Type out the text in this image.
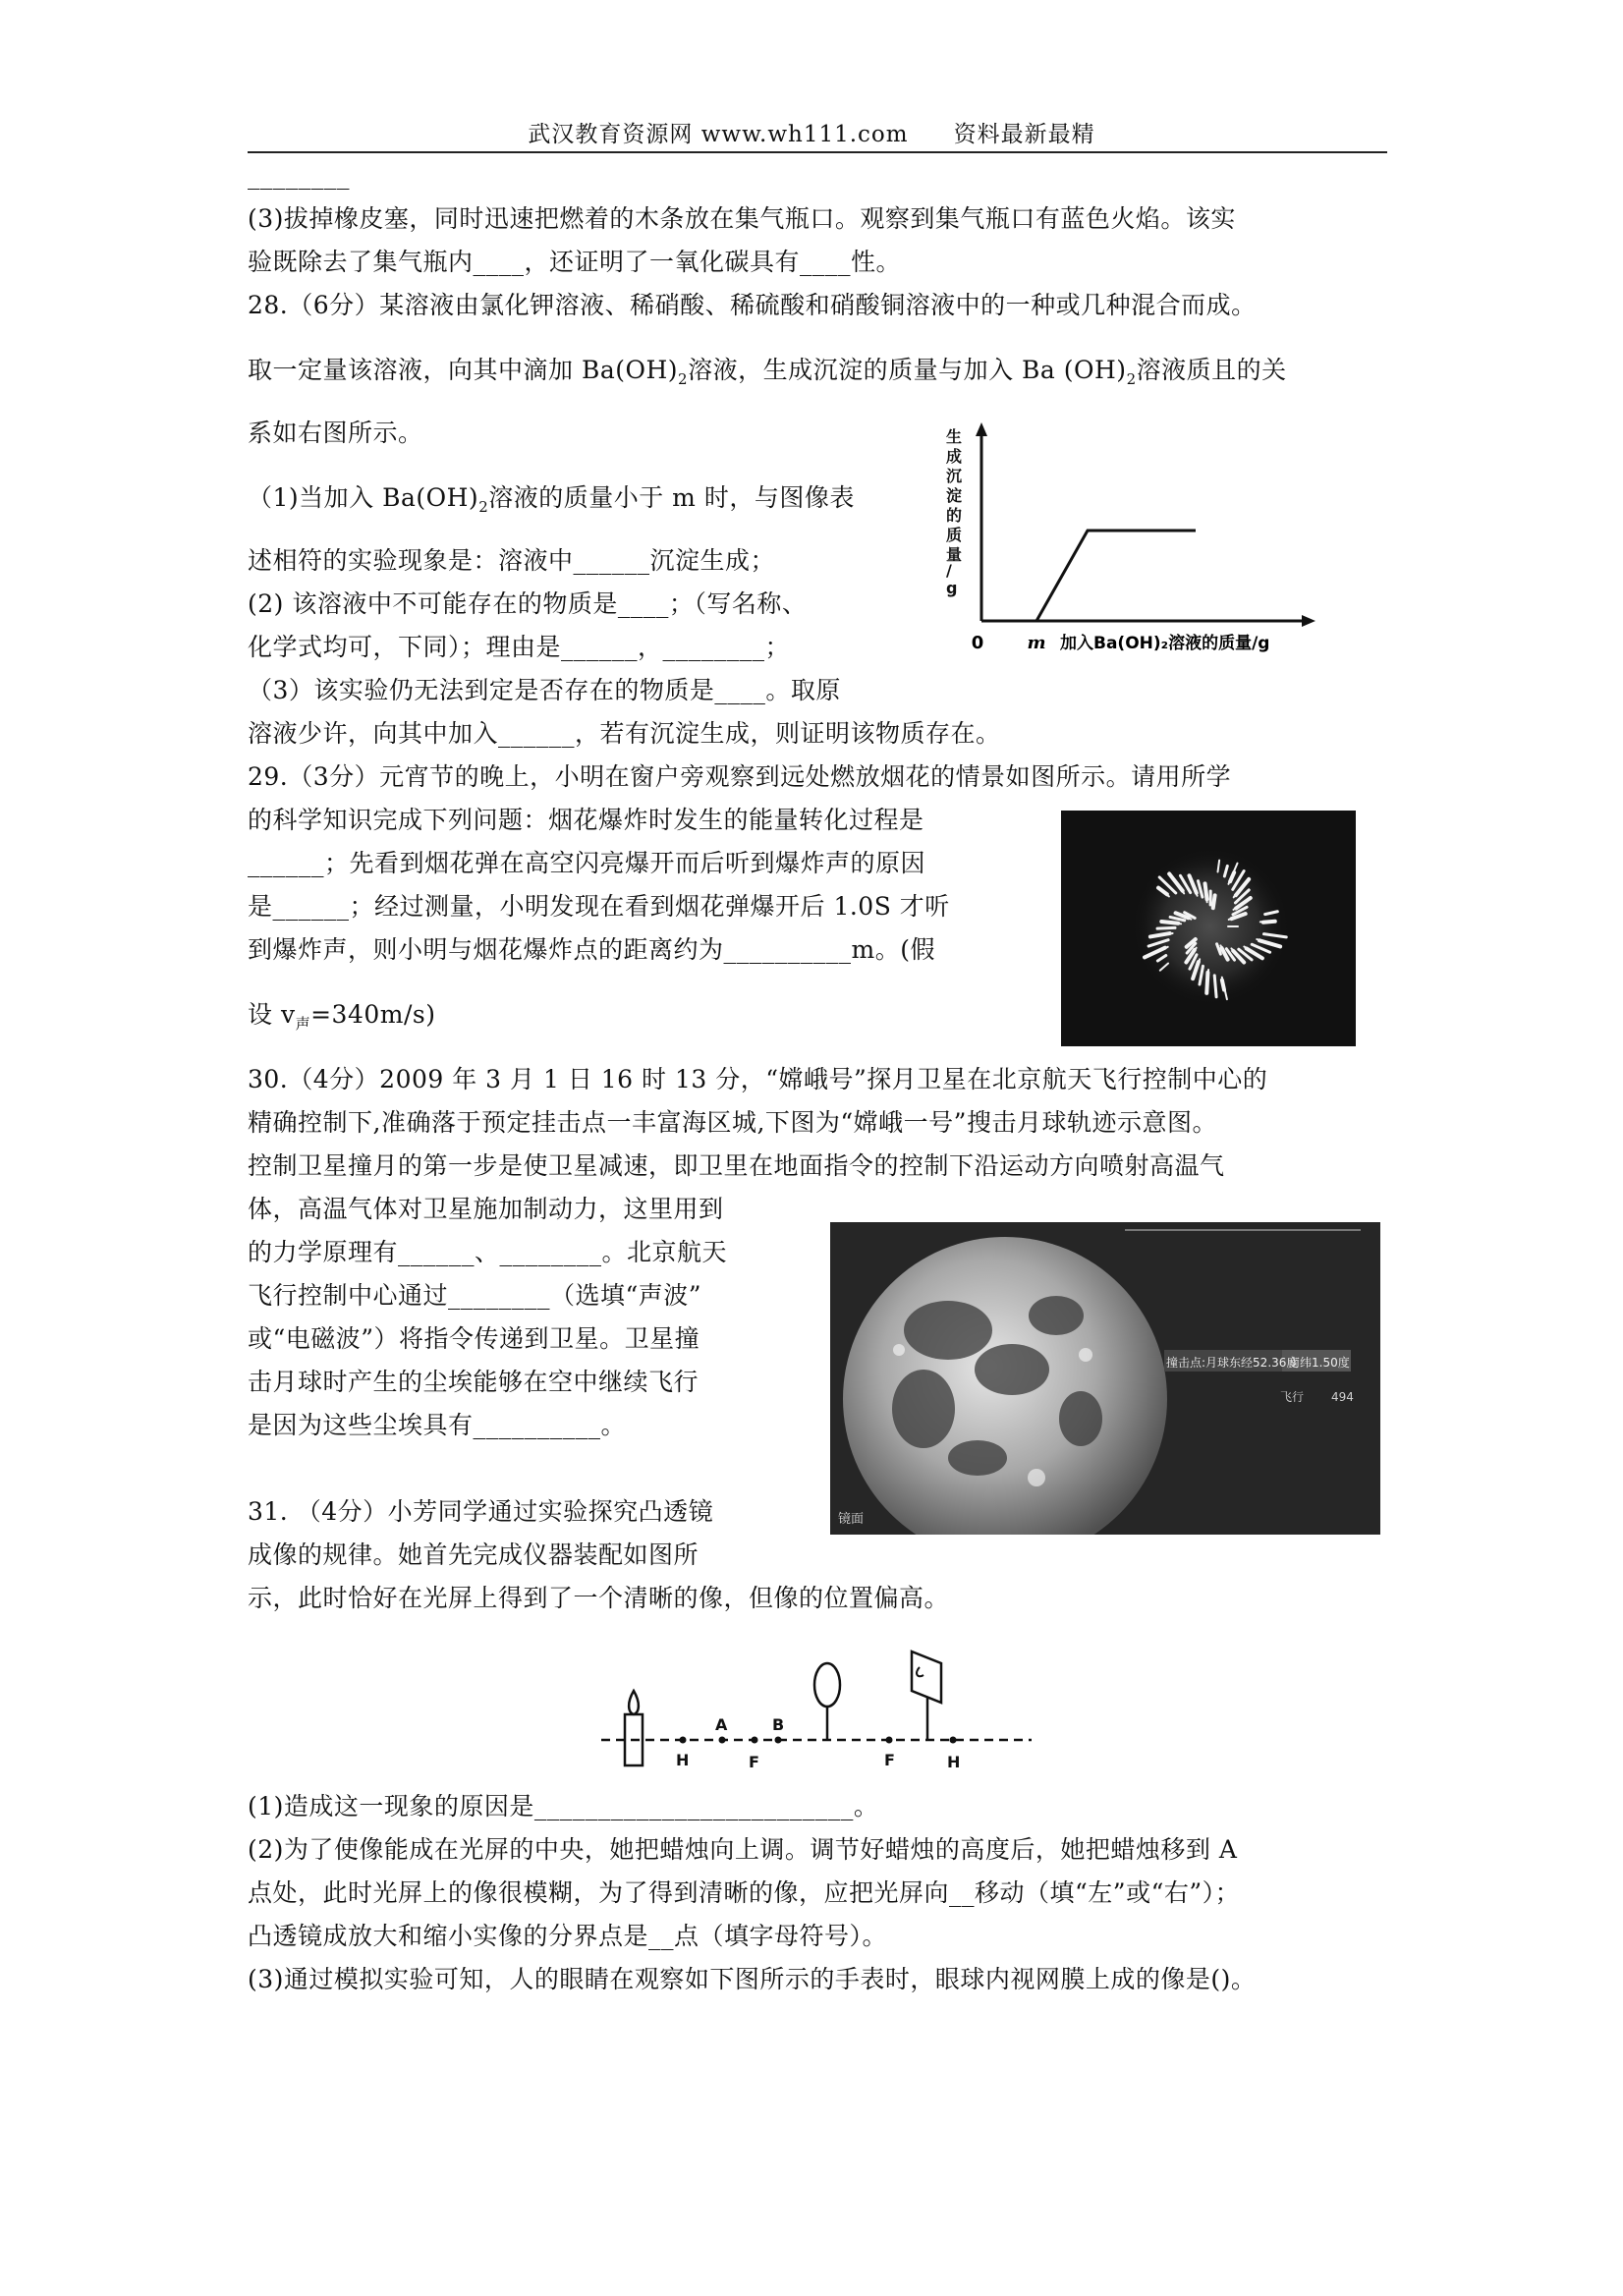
武汉教育资源网 www.wh111.com 资料最新最精
________
(3)拔掉橡皮塞，同时迅速把燃着的木条放在集气瓶口。观察到集气瓶口有蓝色火焰。该实
验既除去了集气瓶内____，还证明了一氧化碳具有____性。
28.（6分）某溶液由氯化钾溶液、稀硝酸、稀硫酸和硝酸铜溶液中的一种或几种混合而成。
取一定量该溶液，向其中滴加 $Ba(OH)_2$溶液，生成沉淀的质量与加入 Ba $(OH)_2$溶液质且的关
系如右图所示。
（1)当加入 $Ba(OH)_2$溶液的质量小于 m 时，与图像表
述相符的实验现象是：溶液中______沉淀生成；
(2) 该溶液中不可能存在的物质是____；（写名称、
化学式均可，下同）；理由是______，________；
（3）该实验仍无法到定是否存在的物质是____。取原
溶液少许，向其中加入______，若有沉淀生成，则证明该物质存在。
生
成
沉
淀
的
质
量
/
g
0 m 加入Ba(OH)₂溶液的质量/g
29.（3分）元宵节的晚上，小明在窗户旁观察到远处燃放烟花的情景如图所示。请用所学
的科学知识完成下列问题：烟花爆炸时发生的能量转化过程是
______；先看到烟花弹在高空闪亮爆开而后听到爆炸声的原因
是______；经过测量，小明发现在看到烟花弹爆开后 1.0S 才听
到爆炸声，则小明与烟花爆炸点的距离约为__________m。(假
设 $v_声=340m/s$)
30.（4分）2009 年 3 月 1 日 16 时 13 分，“嫦峨号”探月卫星在北京航天飞行控制中心的
精确控制下,准确落于预定挂击点一丰富海区城,下图为“嫦峨一号”搜击月球轨迹示意图。
控制卫星撞月的第一步是使卫星减速，即卫里在地面指令的控制下沿运动方向喷射高温气
体，高温气体对卫星施加制动力，这里用到
的力学原理有______、________。北京航天
飞行控制中心通过________（选填“声波”
或“电磁波”）将指令传递到卫星。卫星撞
击月球时产生的尘埃能够在空中继续飞行
是因为这些尘埃具有__________。
撞击点:月球东经52.36度
南纬1.50度
飞行 494
镜面
31. （4分）小芳同学通过实验探究凸透镜
成像的规律。她首先完成仪器装配如图所
示，此时恰好在光屏上得到了一个清晰的像，但像的位置偏高。
A	B
H	F	F	H
(1)造成这一现象的原因是_________________________。
(2)为了使像能成在光屏的中央，她把蜡烛向上调。调节好蜡烛的高度后，她把蜡烛移到 A
点处，此时光屏上的像很模糊，为了得到清晰的像，应把光屏向__移动（填“左”或“右”）；
凸透镜成放大和缩小实像的分界点是__点（填字母符号）。
(3)通过模拟实验可知，人的眼睛在观察如下图所示的手表时，眼球内视网膜上成的像是()。
